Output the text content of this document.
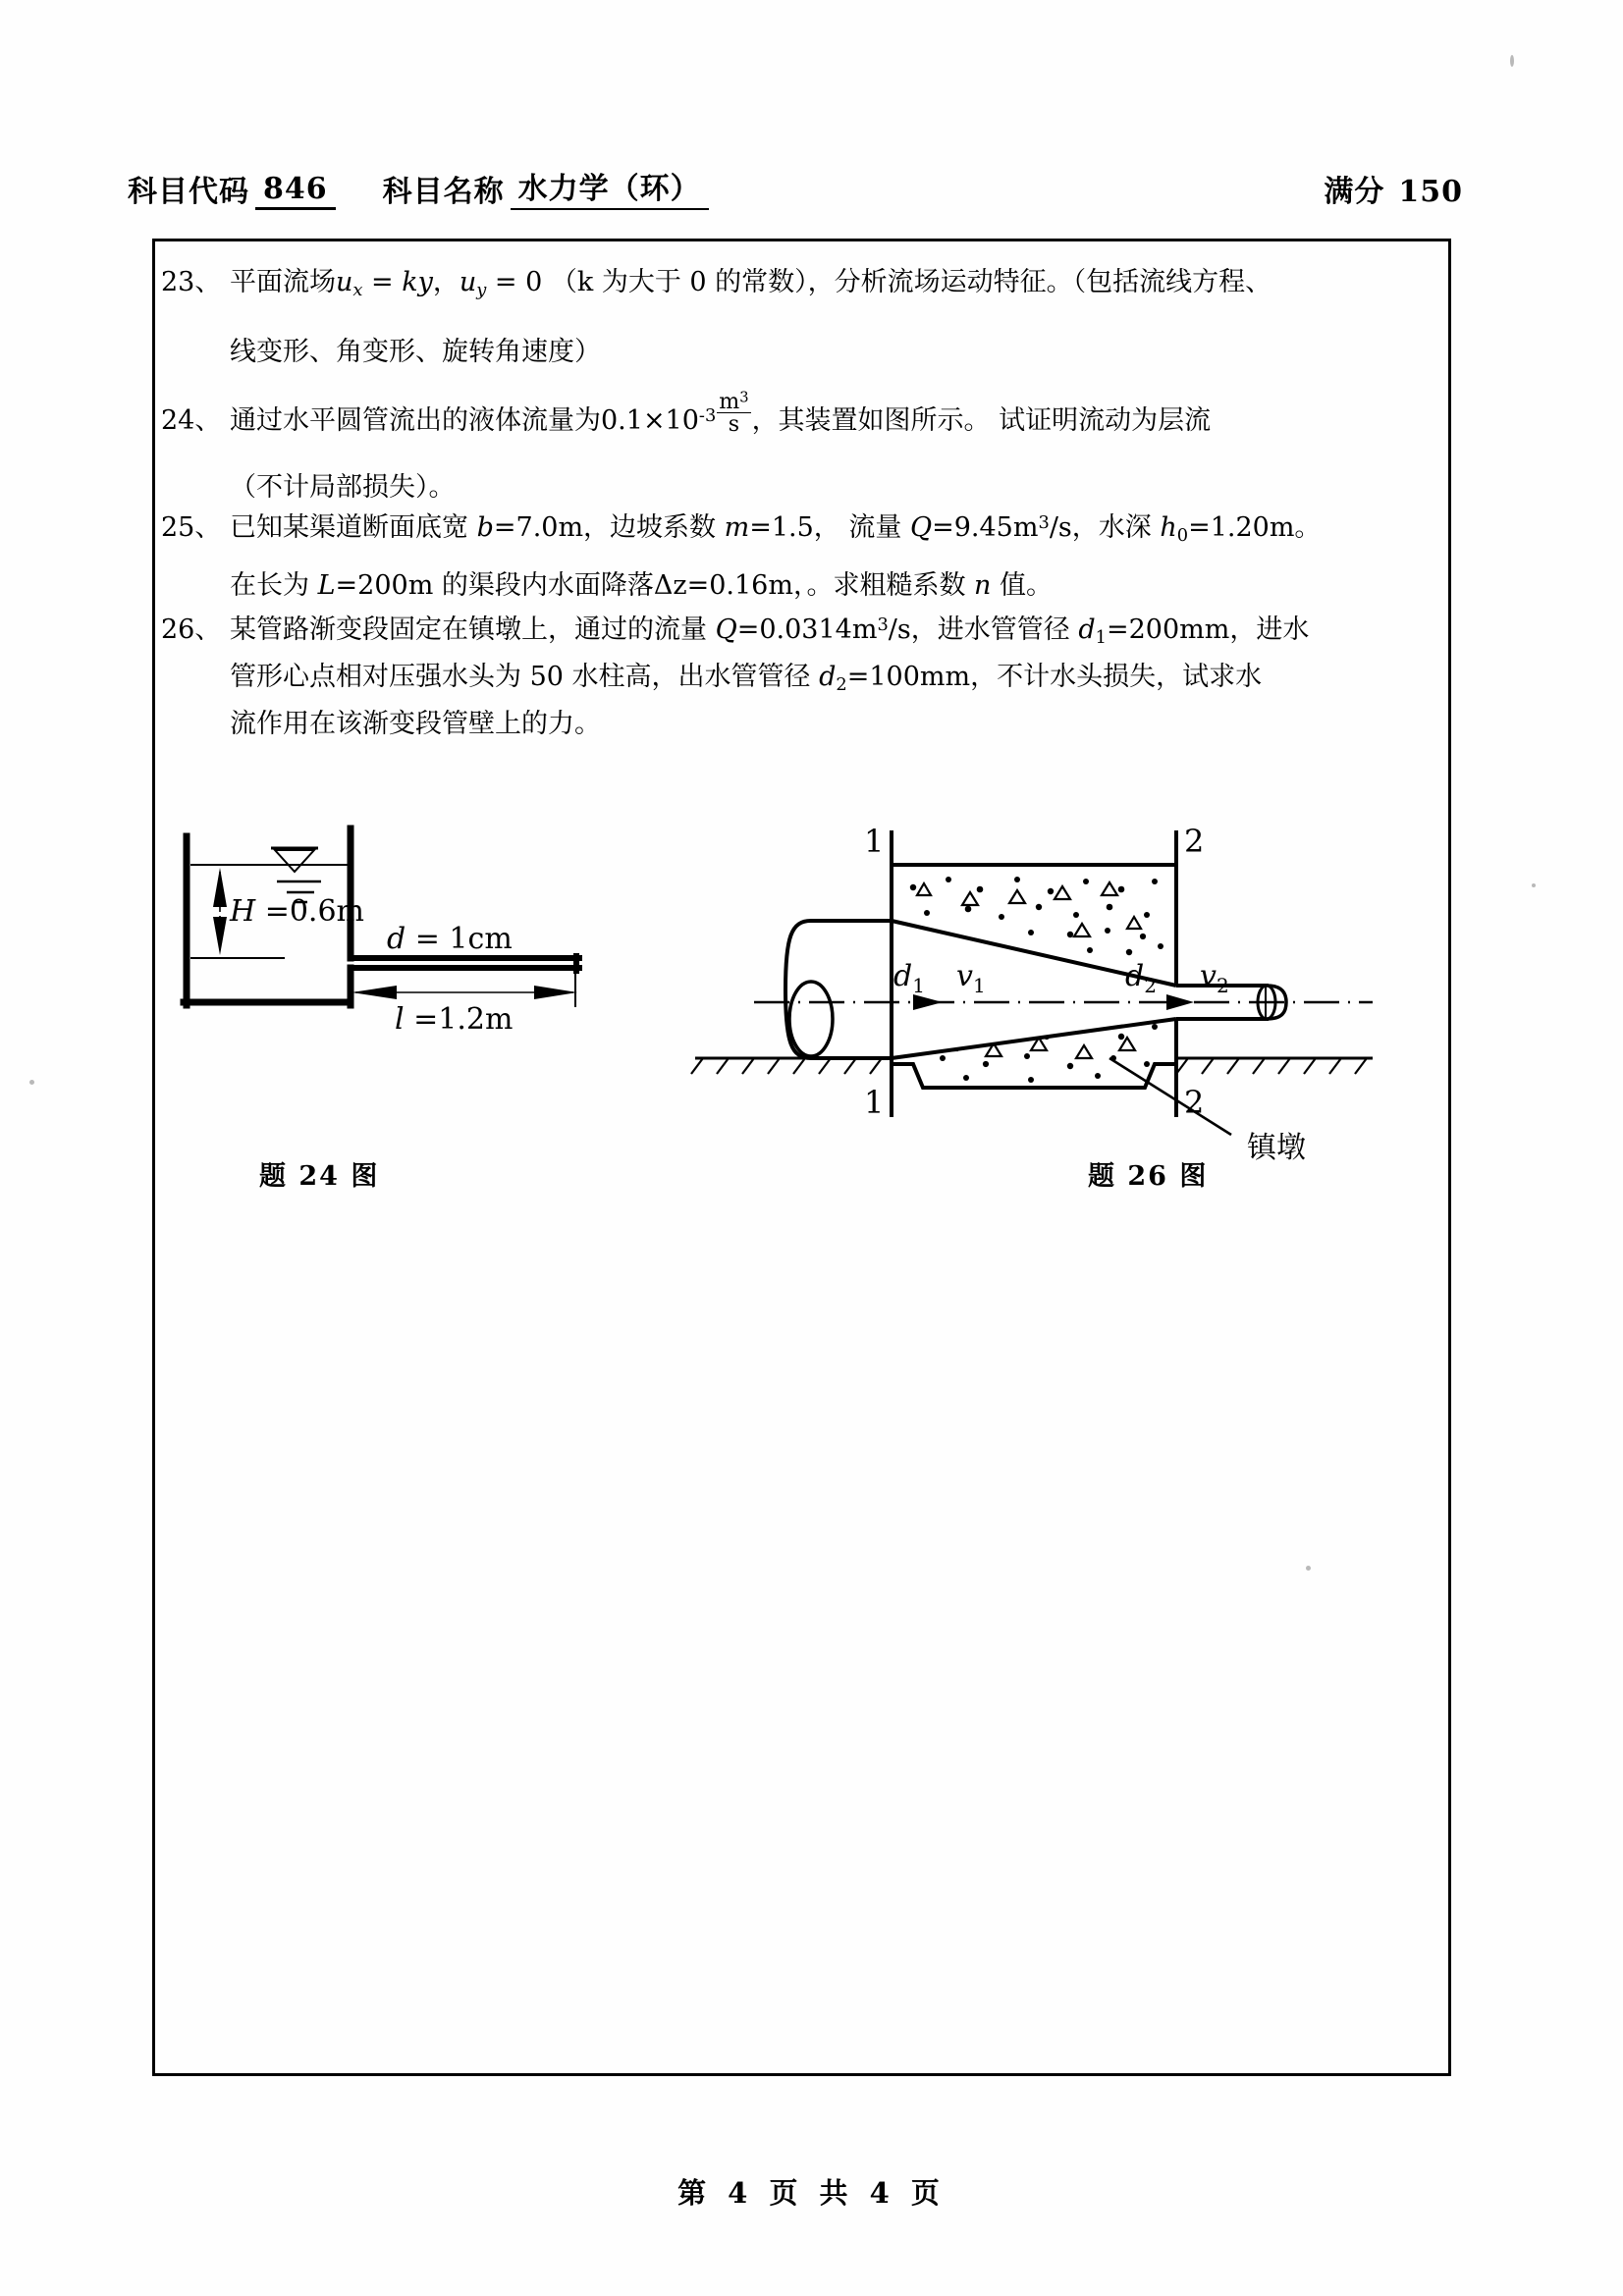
科目代码 846 科目名称 水力学（环）	满分 150
23、 平面流场$u_x$ = ky，$u_y = 0$ （k 为大于 0 的常数），分析流场运动特征。（包括流线方程、
线变形、角变形、旋转角速度）
24、 通过水平圆管流出的液体流量为$0.1\times 10^{-3} \frac{m^3}{s}$ ，其装置如图所示。 试证明流动为层流
（不计局部损失）。
25、 已知某渠道断面底宽 b=7.0m，边坡系数 m=1.5， 流量 $Q=9.45m^3/s$，水深 $h_0=1.20m$。
在长为 L=200m 的渠段内水面降落Δz=0.16m，。求粗糙系数 n 值。
26、 某管路渐变段固定在镇墩上，通过的流量 $Q=0.0314m^3/s$，进水管管径 $d_1=200mm$，进水
管形心点相对压强水头为 50 水柱高，出水管管径 $d_2=100mm$，不计水头损失，试求水
流作用在该渐变段管壁上的力。
H =0.6m
d = 1cm
l =1.2m
题 24 图
1
1
2
2
$d_1$ $v_1$	$d_2$ $v_2$
题 26 图
镇墩
第 4 页 共 4 页
